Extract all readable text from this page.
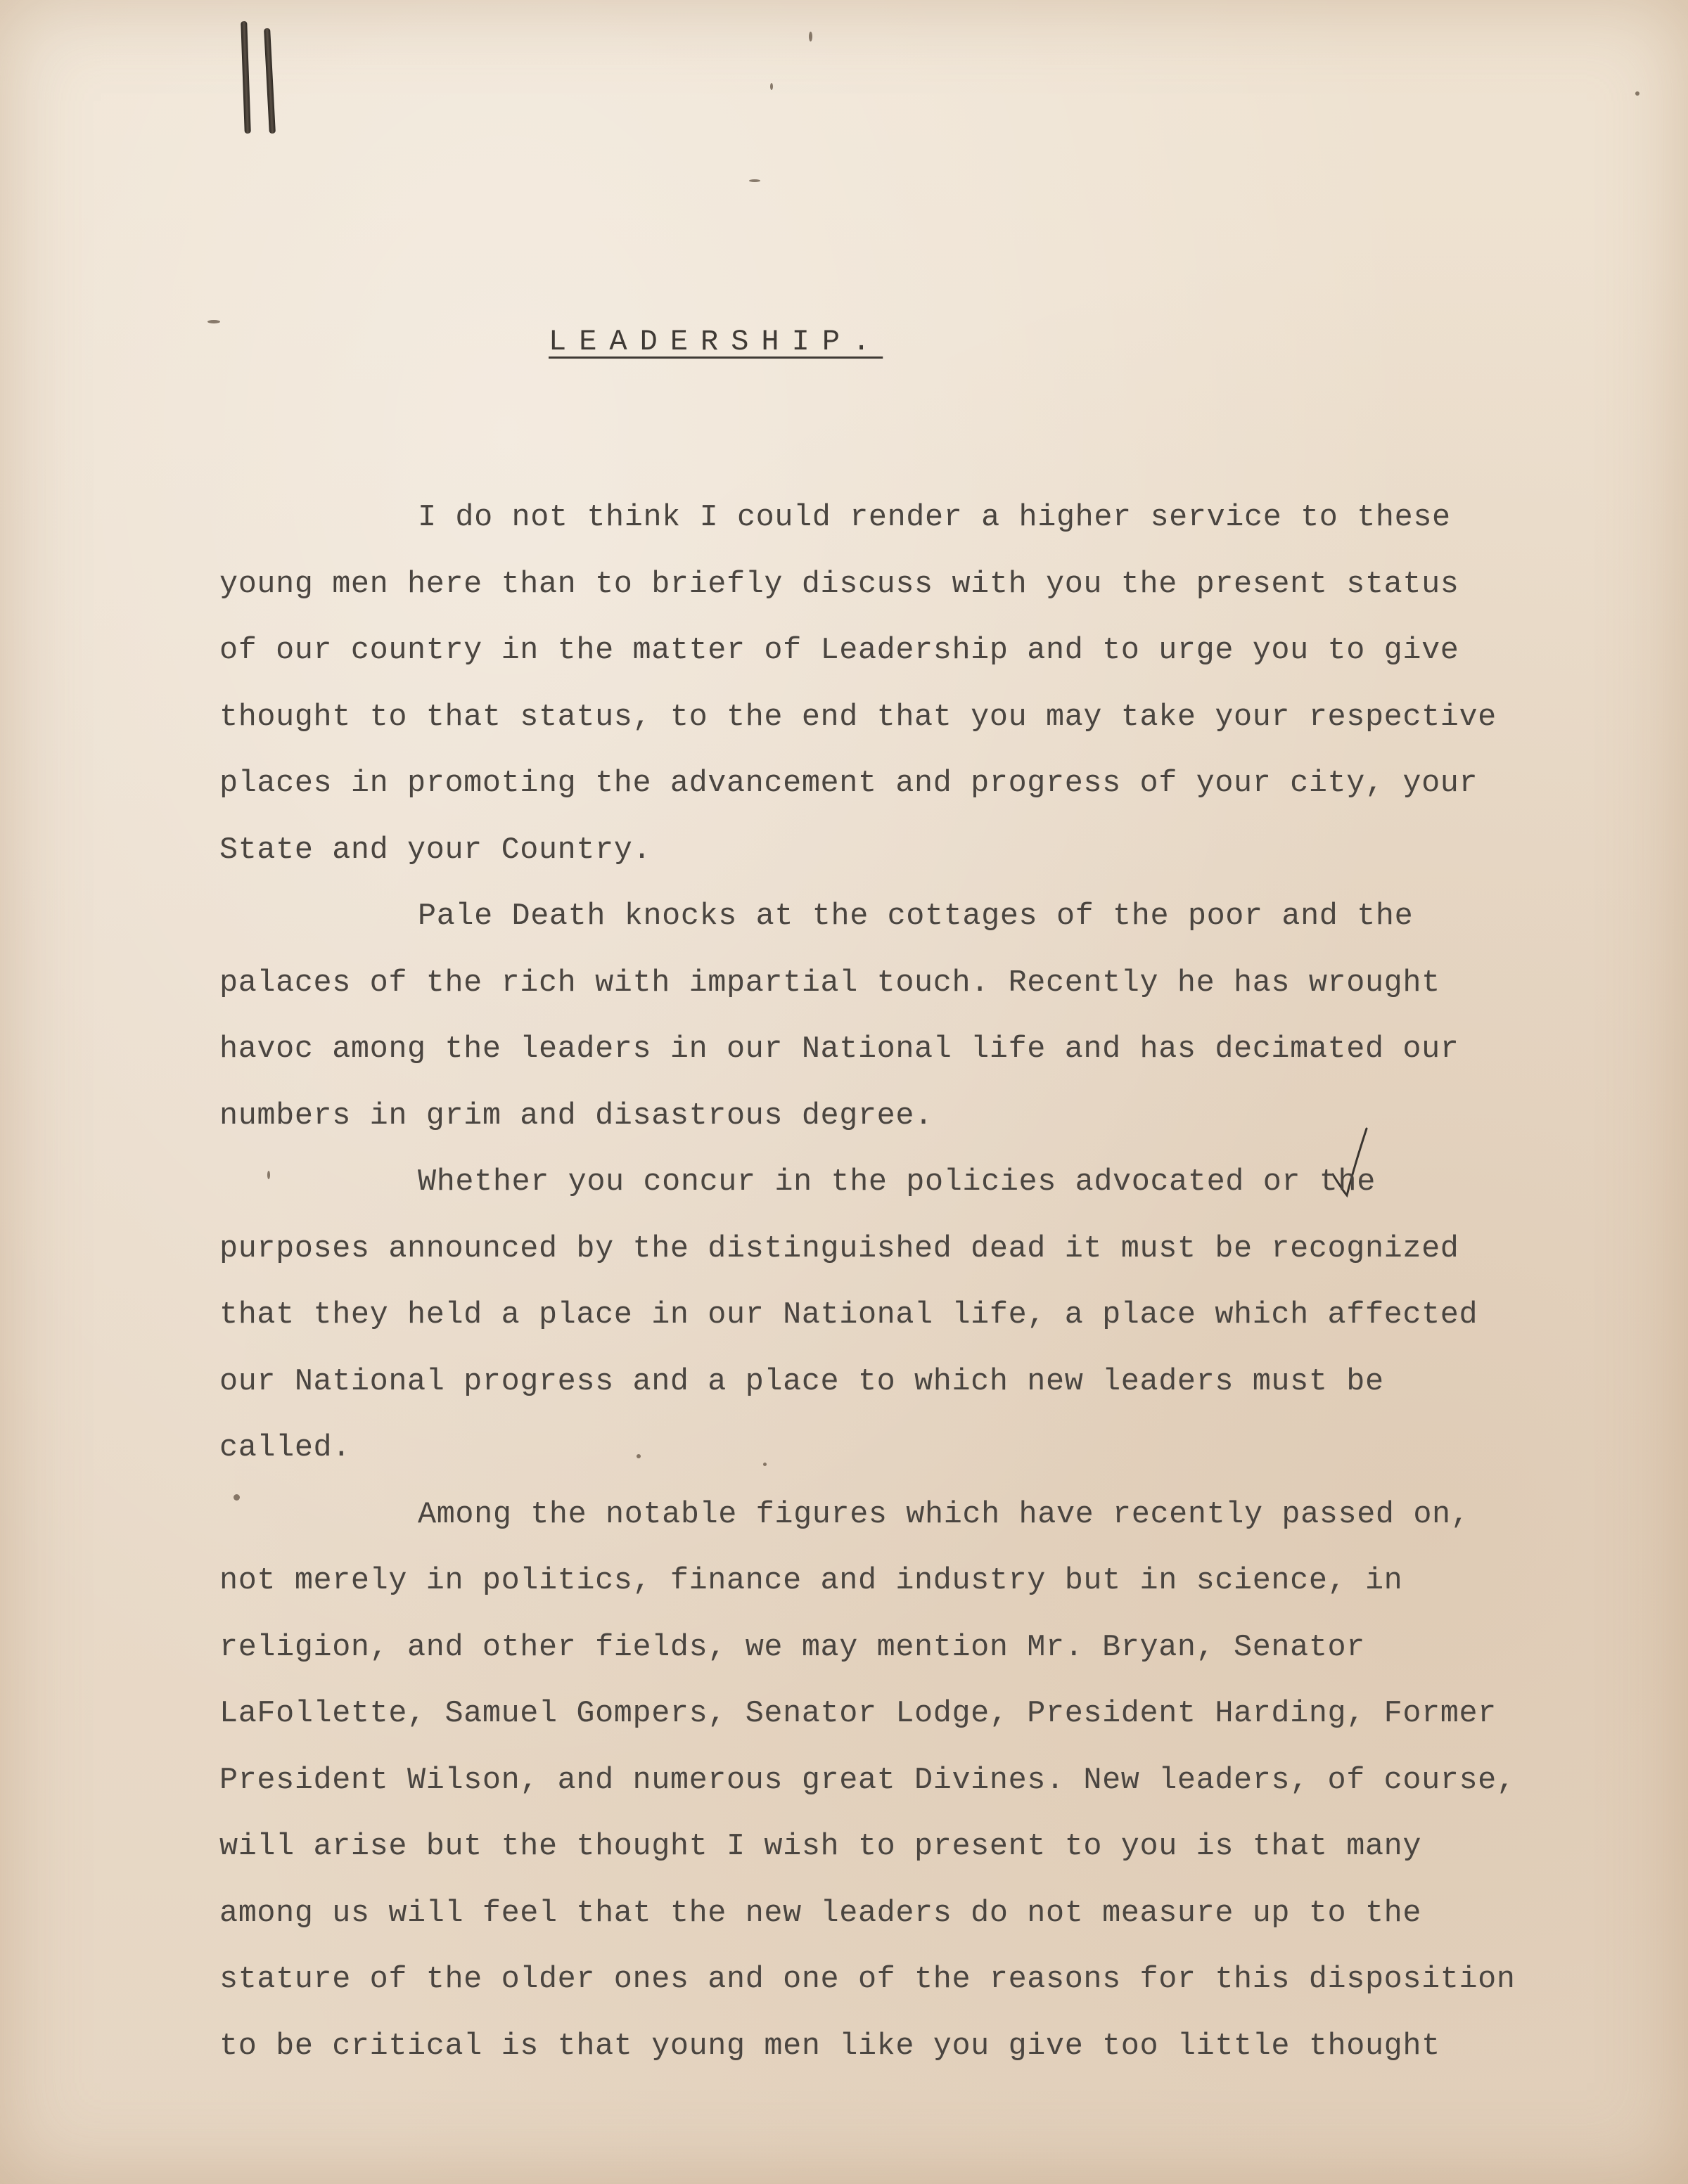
LEADERSHIP.
I do not think I could render a higher service to these
young men here than to briefly discuss with you the present status
of our country in the matter of Leadership and to urge you to give
thought to that status, to the end that you may take your respective
places in promoting the advancement and progress of your city, your
State and your Country.
Pale Death knocks at the cottages of the poor and the
palaces of the rich with impartial touch. Recently he has wrought
havoc among the leaders in our National life and has decimated our
numbers in grim and disastrous degree.
Whether you concur in the policies advocated or the
purposes announced by the distinguished dead it must be recognized
that they held a place in our National life, a place which affected
our National progress and a place to which new leaders must be
called.
Among the notable figures which have recently passed on,
not merely in politics, finance and industry but in science, in
religion, and other fields, we may mention Mr. Bryan, Senator
LaFollette, Samuel Gompers, Senator Lodge, President Harding, Former
President Wilson, and numerous great Divines. New leaders, of course,
will arise but the thought I wish to present to you is that many
among us will feel that the new leaders do not measure up to the
stature of the older ones and one of the reasons for this disposition
to be critical is that young men like you give too little thought
